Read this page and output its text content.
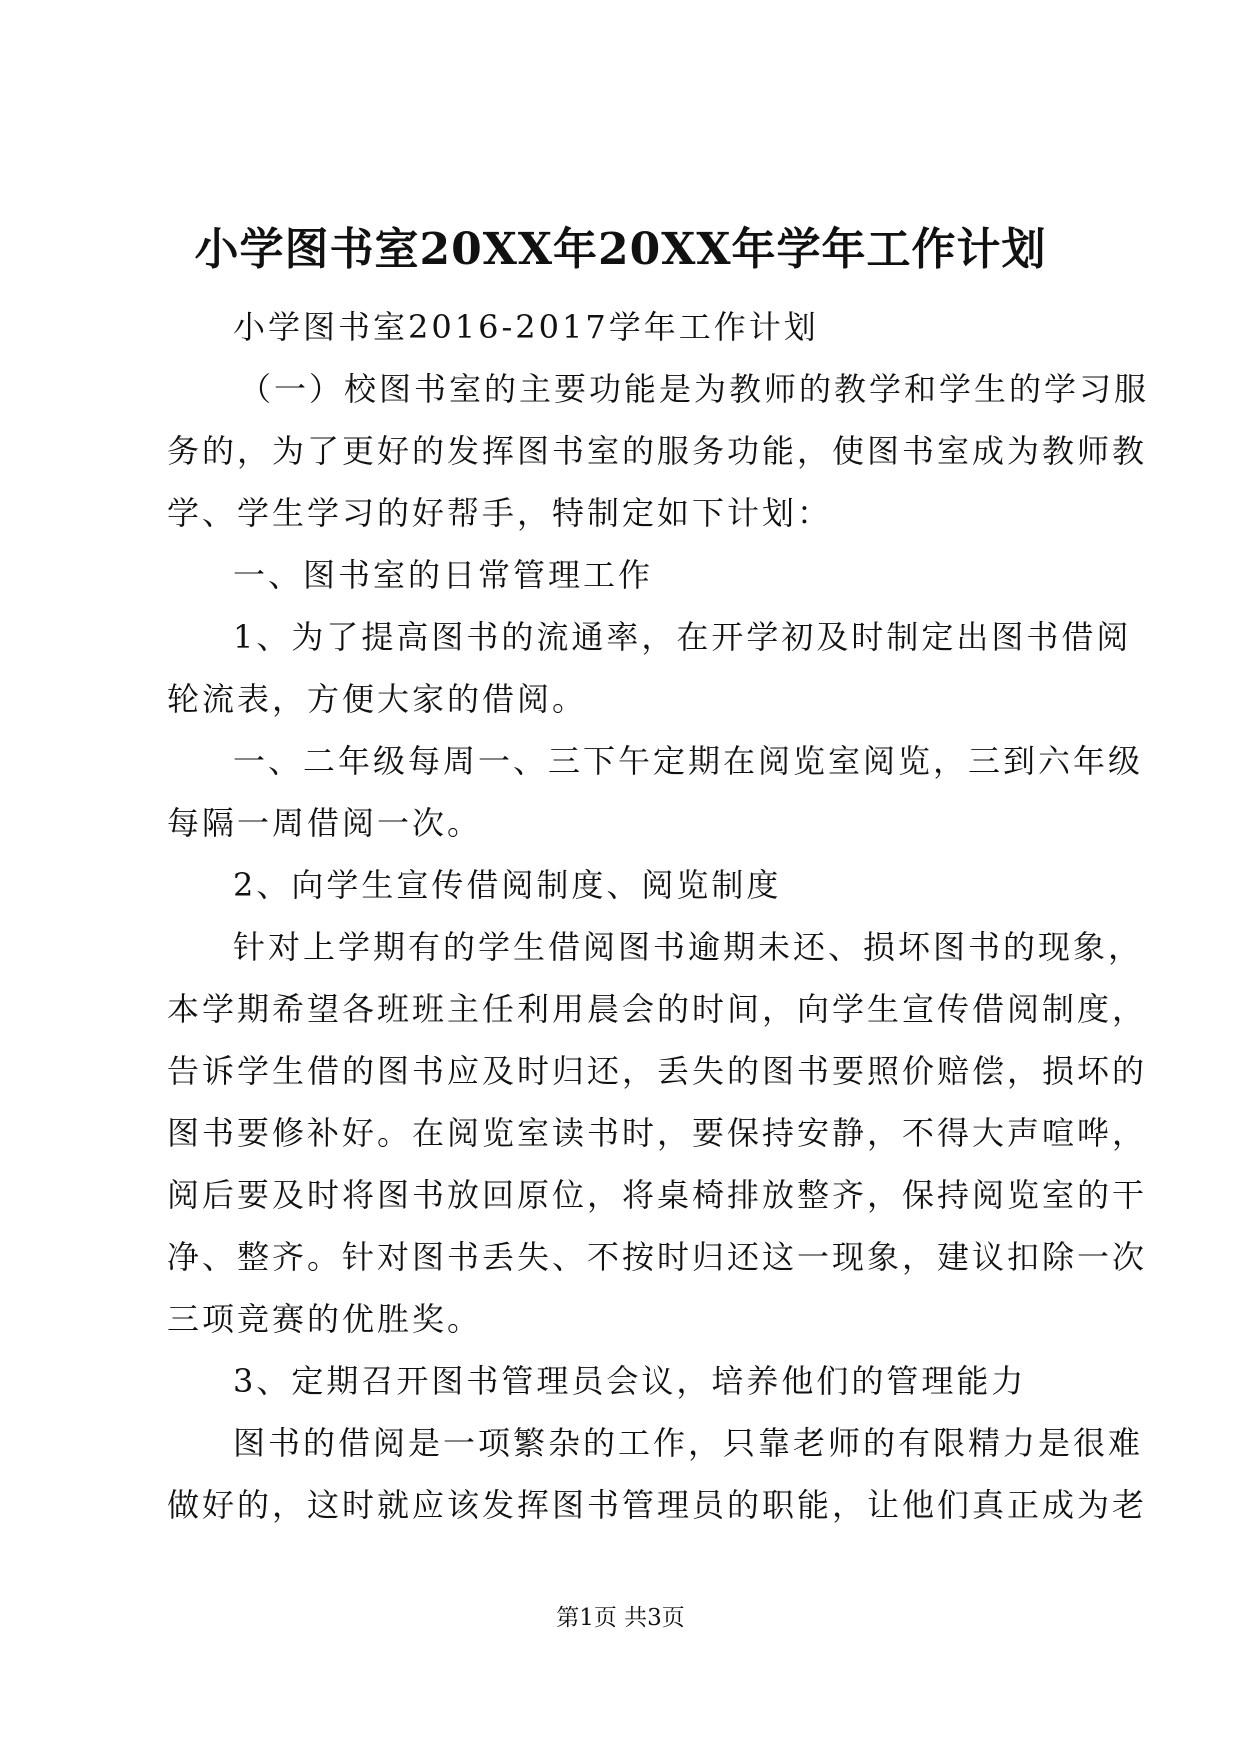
小学图书室20XX年20XX年学年工作计划
小学图书室2016-2017学年工作计划
（一）校图书室的主要功能是为教师的教学和学生的学习服
务的，为了更好的发挥图书室的服务功能，使图书室成为教师教
学、学生学习的好帮手，特制定如下计划：
一、图书室的日常管理工作
1、为了提高图书的流通率，在开学初及时制定出图书借阅
轮流表，方便大家的借阅。
一、二年级每周一、三下午定期在阅览室阅览，三到六年级
每隔一周借阅一次。
2、向学生宣传借阅制度、阅览制度
针对上学期有的学生借阅图书逾期未还、损坏图书的现象，
本学期希望各班班主任利用晨会的时间，向学生宣传借阅制度，
告诉学生借的图书应及时归还，丢失的图书要照价赔偿，损坏的
图书要修补好。在阅览室读书时，要保持安静，不得大声喧哗，
阅后要及时将图书放回原位，将桌椅排放整齐，保持阅览室的干
净、整齐。针对图书丢失、不按时归还这一现象，建议扣除一次
三项竞赛的优胜奖。
3、定期召开图书管理员会议，培养他们的管理能力
图书的借阅是一项繁杂的工作，只靠老师的有限精力是很难
做好的，这时就应该发挥图书管理员的职能，让他们真正成为老
第1页 共3页
